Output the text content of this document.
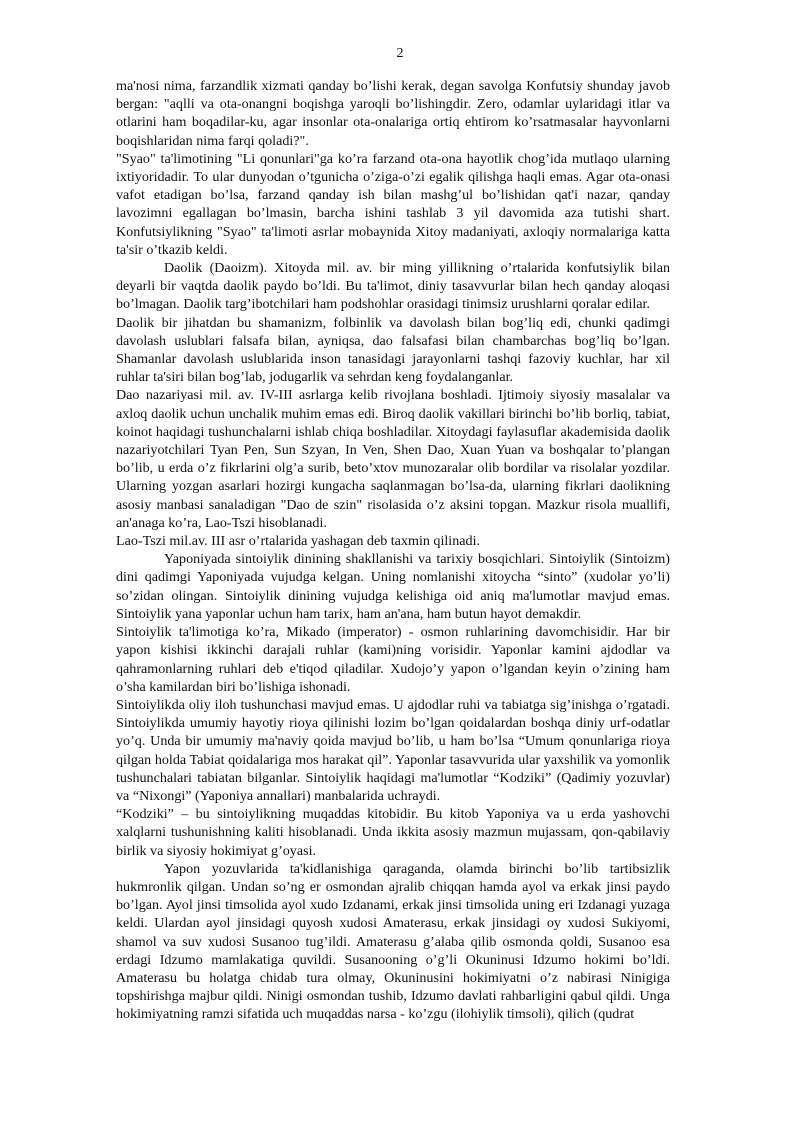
2

ma'nosi nima, farzandlik xizmati qanday bo’lishi kerak, degan savolga Konfutsiy shunday javob bergan: "aqlli va ota-onangni boqishga yaroqli bo’lishingdir. Zero, odamlar uylaridagi itlar va otlarini ham boqadilar-ku, agar insonlar ota-onalariga ortiq ehtirom ko’rsatmasalar hayvonlarni boqishlaridan nima farqi qoladi?".

"Syao" ta'limotining "Li qonunlari"ga ko’ra farzand ota-ona hayotlik chog’ida mutlaqo ularning ixtiyoridadir. To ular dunyodan o’tgunicha o’ziga-o’zi egalik qilishga haqli emas. Agar ota-onasi vafot etadigan bo’lsa, farzand qanday ish bilan mashg’ul bo’lishidan qat'i nazar, qanday lavozimni egallagan bo’lmasin, barcha ishini tashlab 3 yil davomida aza tutishi shart. Konfutsiylikning "Syao" ta'limoti asrlar mobaynida Xitoy madaniyati, axloqiy normalariga katta ta'sir o’tkazib keldi.

Daolik (Daoizm). Xitoyda mil. av. bir ming yillikning o’rtalarida konfutsiylik bilan deyarli bir vaqtda daolik paydo bo’ldi. Bu ta'limot, diniy tasavvurlar bilan hech qanday aloqasi bo’lmagan. Daolik targ’ibotchilari ham podshohlar orasidagi tinimsiz urushlarni qoralar edilar.

Daolik bir jihatdan bu shamanizm, folbinlik va davolash bilan bog’liq edi, chunki qadimgi davolash uslublari falsafa bilan, ayniqsa, dao falsafasi bilan chambarchas bog’liq bo’lgan. Shamanlar davolash uslublarida inson tanasidagi jarayonlarni tashqi fazoviy kuchlar, har xil ruhlar ta'siri bilan bog’lab, jodugarlik va sehrdan keng foydalanganlar.

Dao nazariyasi mil. av. IV-III asrlarga kelib rivojlana boshladi. Ijtimoiy siyosiy masalalar va axloq daolik uchun unchalik muhim emas edi. Biroq daolik vakillari birinchi bo’lib borliq, tabiat, koinot haqidagi tushunchalarni ishlab chiqa boshladilar. Xitoydagi faylasuflar akademisida daolik nazariyotchilari Tyan Pen, Sun Szyan, In Ven, Shen Dao, Xuan Yuan va boshqalar to’plangan bo’lib, u erda o’z fikrlarini olg’a surib, beto’xtov munozaralar olib bordilar va risolalar yozdilar. Ularning yozgan asarlari hozirgi kungacha saqlanmagan bo’lsa-da, ularning fikrlari daolikning asosiy manbasi sanaladigan "Dao de szin" risolasida o’z aksini topgan. Mazkur risola muallifi, an'anaga ko’ra, Lao-Tszi hisoblanadi.

Lao-Tszi mil.av. III asr o’rtalarida yashagan deb taxmin qilinadi.

Yaponiyada sintoiylik dinining shakllanishi va tarixiy bosqichlari. Sintoiylik (Sintoizm) dini qadimgi Yaponiyada vujudga kelgan. Uning nomlanishi xitoycha “sinto” (xudolar yo’li) so’zidan olingan. Sintoiylik dinining vujudga kelishiga oid aniq ma'lumotlar mavjud emas. Sintoiylik yana yaponlar uchun ham tarix, ham an'ana, ham butun hayot demakdir.

Sintoiylik ta'limotiga ko’ra, Mikado (imperator) - osmon ruhlarining davomchisidir. Har bir yapon kishisi ikkinchi darajali ruhlar (kami)ning vorisidir. Yaponlar kamini ajdodlar va qahramonlarning ruhlari deb e'tiqod qiladilar. Xudojo’y yapon o’lgandan keyin o’zining ham o’sha kamilardan biri bo’lishiga ishonadi.

Sintoiylikda oliy iloh tushunchasi mavjud emas. U ajdodlar ruhi va tabiatga sig’inishga o’rgatadi. Sintoiylikda umumiy hayotiy rioya qilinishi lozim bo’lgan qoidalardan boshqa diniy urf-odatlar yo’q. Unda bir umumiy ma'naviy qoida mavjud bo’lib, u ham bo’lsa “Umum qonunlariga rioya qilgan holda Tabiat qoidalariga mos harakat qil”. Yaponlar tasavvurida ular yaxshilik va yomonlik tushunchalari tabiatan bilganlar. Sintoiylik haqidagi ma'lumotlar “Kodziki” (Qadimiy yozuvlar) va “Nixongi” (Yaponiya annallari) manbalarida uchraydi.

“Kodziki” – bu sintoiylikning muqaddas kitobidir. Bu kitob Yaponiya va u erda yashovchi xalqlarni tushunishning kaliti hisoblanadi. Unda ikkita asosiy mazmun mujassam, qon-qabilaviy birlik va siyosiy hokimiyat g’oyasi.

Yapon yozuvlarida ta'kidlanishiga qaraganda, olamda birinchi bo’lib tartibsizlik hukmronlik qilgan. Undan so’ng er osmondan ajralib chiqqan hamda ayol va erkak jinsi paydo bo’lgan. Ayol jinsi timsolida ayol xudo Izdanami, erkak jinsi timsolida uning eri Izdanagi yuzaga keldi. Ulardan ayol jinsidagi quyosh xudosi Amaterasu, erkak jinsidagi oy xudosi Sukiyomi, shamol va suv xudosi Susanoo tug’ildi. Amaterasu g’alaba qilib osmonda qoldi, Susanoo esa erdagi Idzumo mamlakatiga quvildi. Susanooning o’g’li Okuninusi Idzumo hokimi bo’ldi. Amaterasu bu holatga chidab tura olmay, Okuninusini hokimiyatni o’z nabirasi Ninigiga topshirishga majbur qildi. Ninigi osmondan tushib, Idzumo davlati rahbarligini qabul qildi. Unga hokimiyatning ramzi sifatida uch muqaddas narsa - ko’zgu (ilohiylik timsoli), qilich (qudrat
